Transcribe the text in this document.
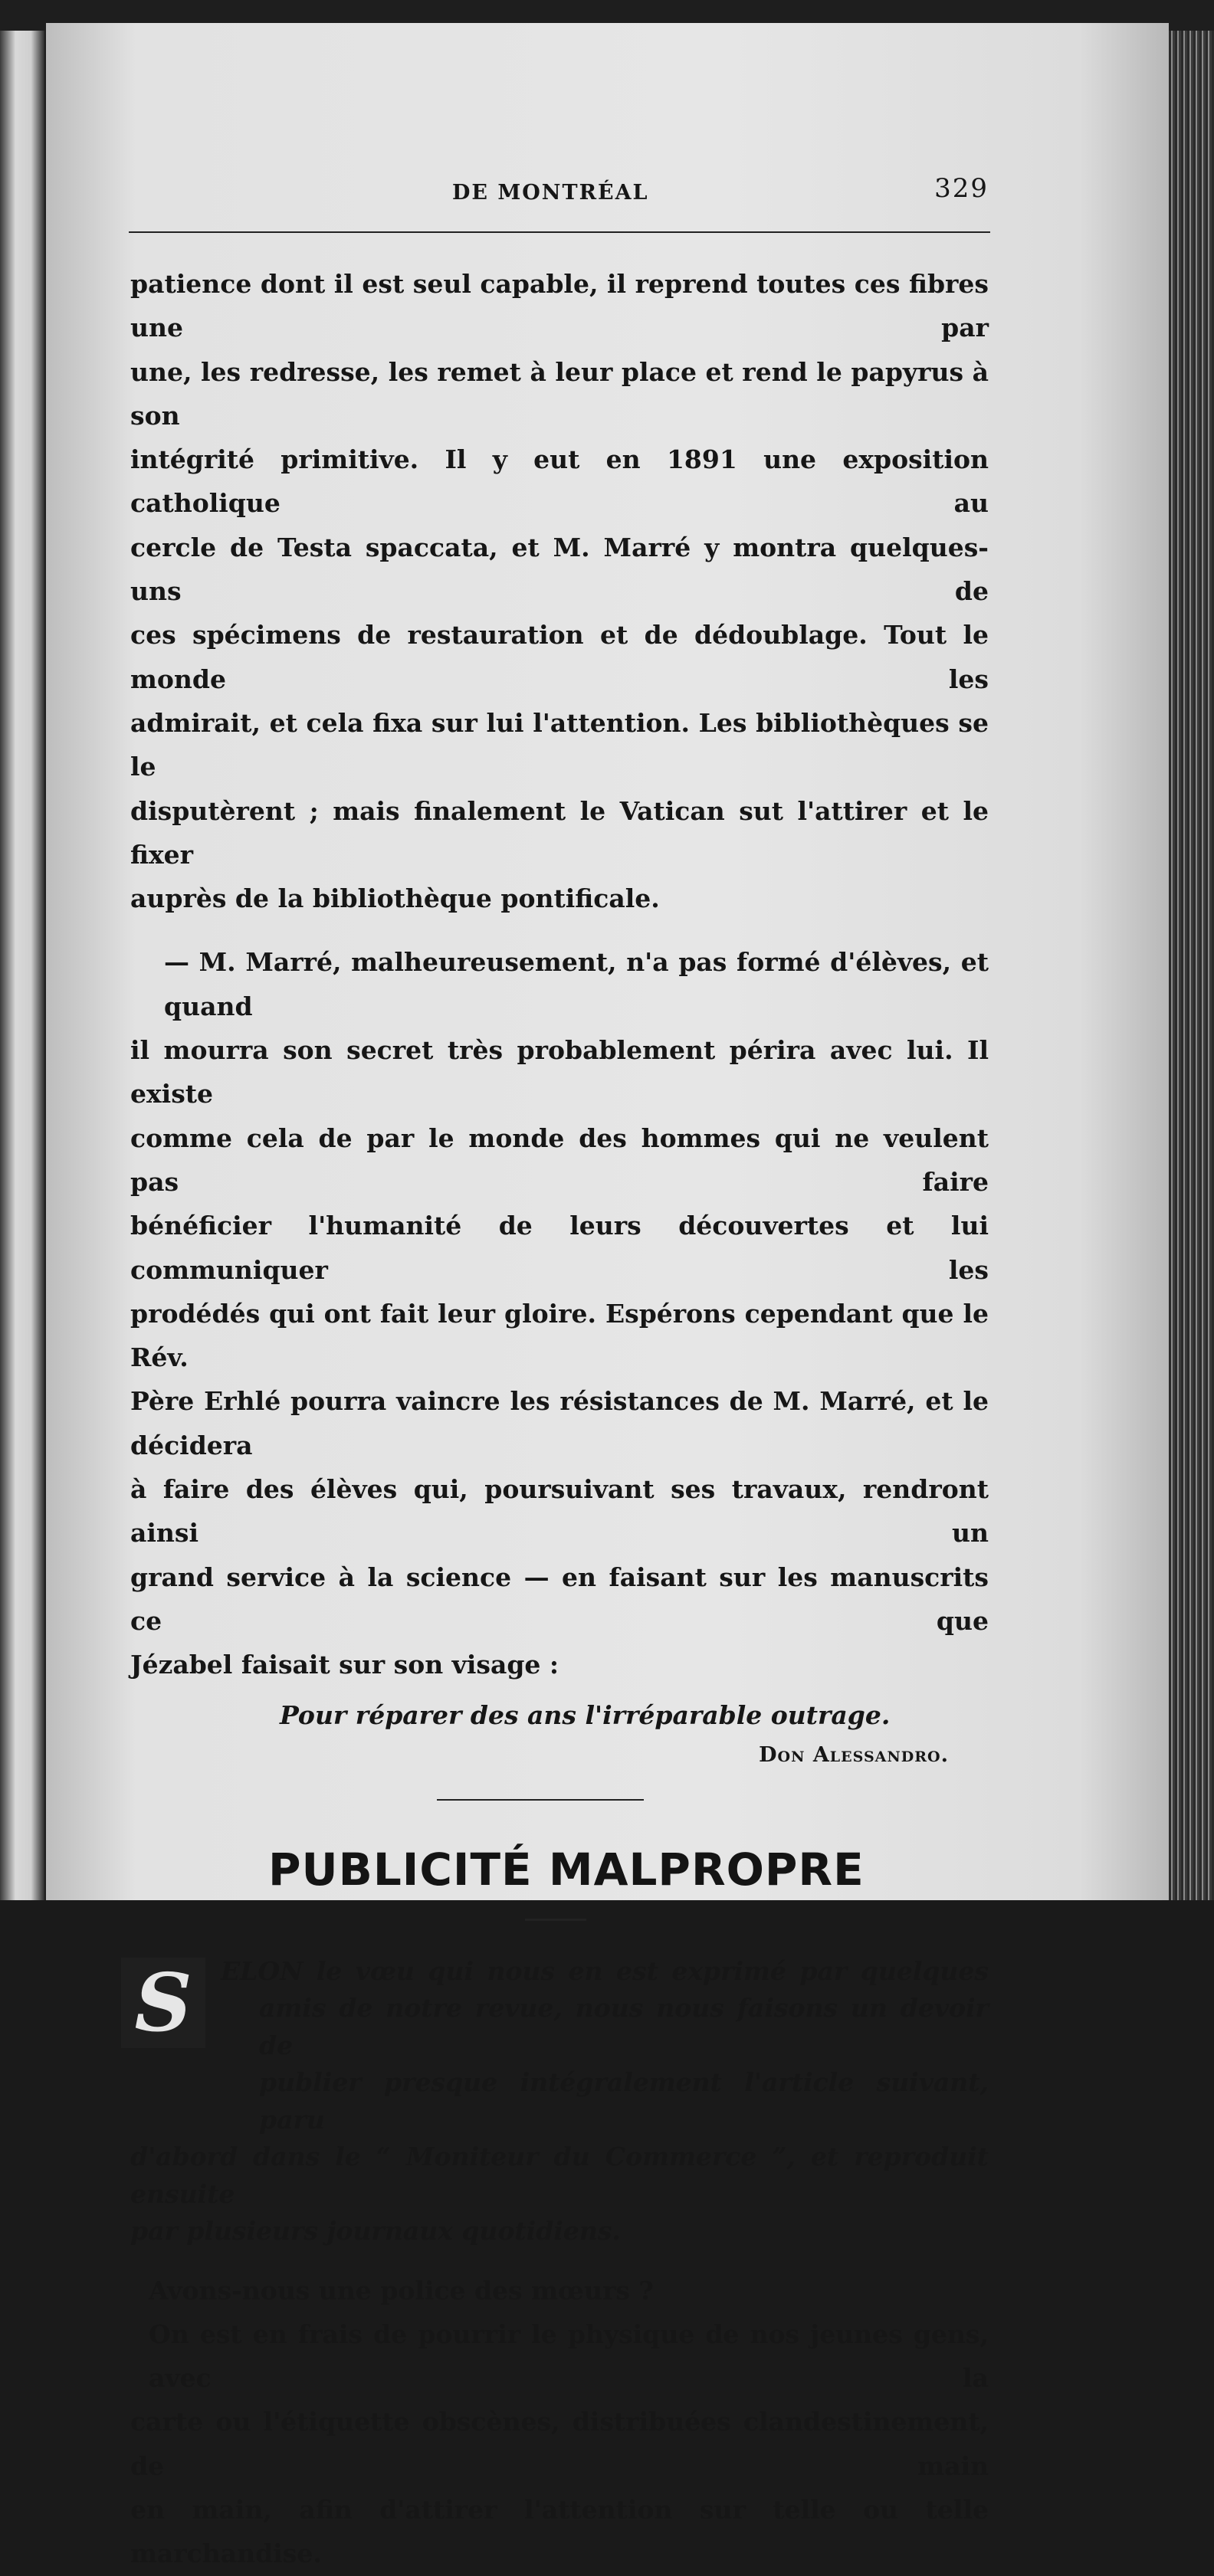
DE MONTRÉAL	329

patience dont il est seul capable, il reprend toutes ces fibres une par
une, les redresse, les remet à leur place et rend le papyrus à son
intégrité primitive. Il y eut en 1891 une exposition catholique au
cercle de Testa spaccata, et M. Marré y montra quelques-uns de
ces spécimens de restauration et de dédoublage. Tout le monde les
admirait, et cela fixa sur lui l'attention. Les bibliothèques se le
disputèrent ; mais finalement le Vatican sut l'attirer et le fixer
auprès de la bibliothèque pontificale.

— M. Marré, malheureusement, n'a pas formé d'élèves, et quand
il mourra son secret très probablement périra avec lui. Il existe
comme cela de par le monde des hommes qui ne veulent pas faire
bénéficier l'humanité de leurs découvertes et lui communiquer les
prodédés qui ont fait leur gloire. Espérons cependant que le Rév.
Père Erhlé pourra vaincre les résistances de M. Marré, et le décidera
à faire des élèves qui, poursuivant ses travaux, rendront ainsi un
grand service à la science — en faisant sur les manuscrits ce que
Jézabel faisait sur son visage :

Pour réparer des ans l'irréparable outrage.
Don Alessandro.
PUBLICITÉ MALPROPRE
S	ELON le vœu qui nous en est exprimé par quelques
amis de notre revue, nous nous faisons un devoir de
publier presque intégralement l'article suivant, paru
d'abord dans le “ Moniteur du Commerce ”, et reproduit ensuite
par plusieurs journaux quotidiens.

Avons-nous une police des mœurs ?

On est en frais de pourrir le physique de nos jeunes gens, avec la
carte ou l'étiquette obscènes, distribuées clandestinement, de main
en main, afin d'attirer l'attention sur telle ou telle marchandise.
